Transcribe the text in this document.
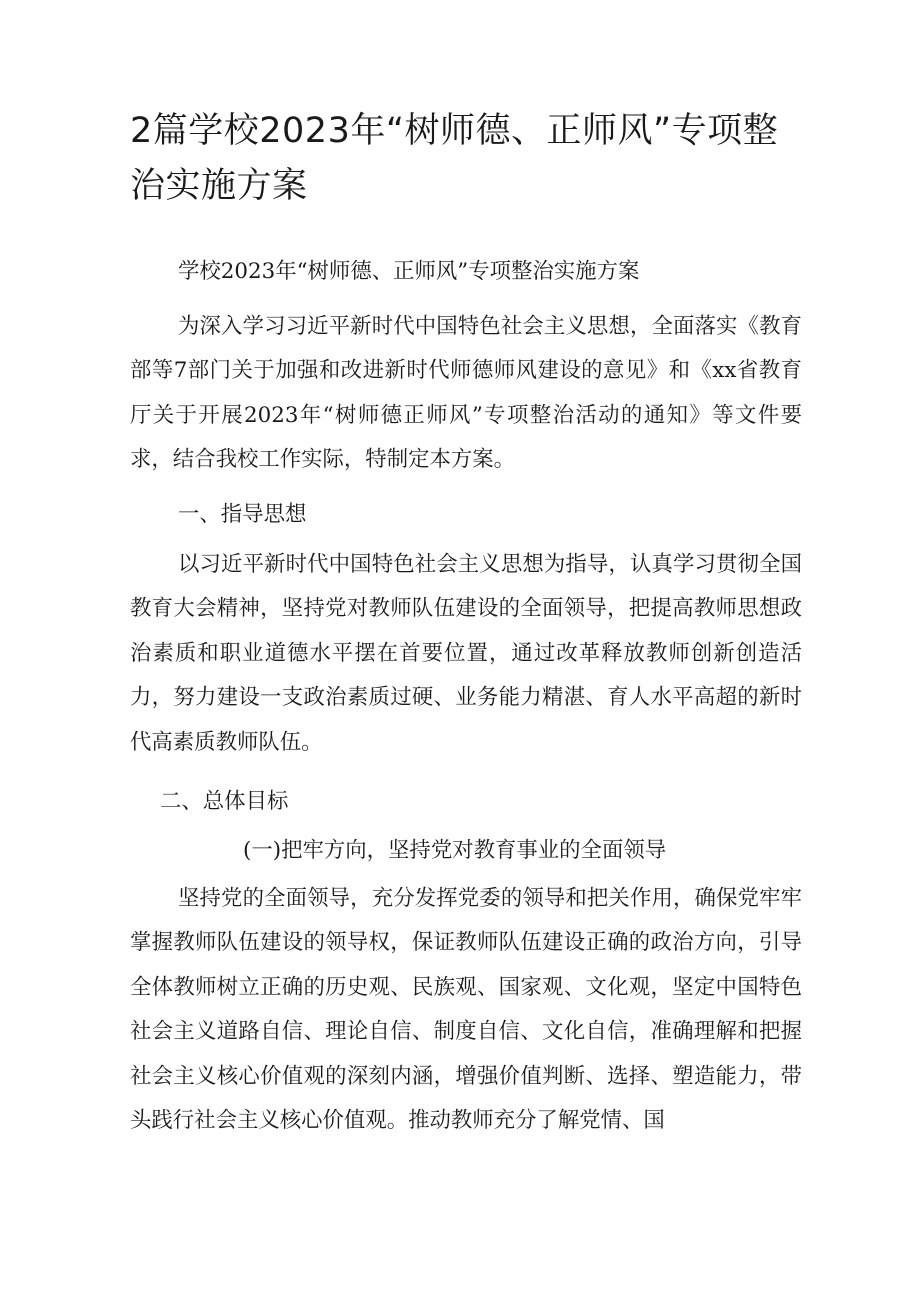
2篇学校2023年“树师德、正师风”专项整治实施方案

学校2023年“树师德、正师风”专项整治实施方案

为深入学习习近平新时代中国特色社会主义思想，全面落实《教育部等7部门关于加强和改进新时代师德师风建设的意见》和《xx省教育厅关于开展2023年“树师德正师风”专项整治活动的通知》等文件要求，结合我校工作实际，特制定本方案。

一、指导思想

以习近平新时代中国特色社会主义思想为指导，认真学习贯彻全国教育大会精神，坚持党对教师队伍建设的全面领导，把提高教师思想政治素质和职业道德水平摆在首要位置，通过改革释放教师创新创造活力，努力建设一支政治素质过硬、业务能力精湛、育人水平高超的新时代高素质教师队伍。

二、总体目标

(一)把牢方向，坚持党对教育事业的全面领导

坚持党的全面领导，充分发挥党委的领导和把关作用，确保党牢牢掌握教师队伍建设的领导权，保证教师队伍建设正确的政治方向，引导全体教师树立正确的历史观、民族观、国家观、文化观，坚定中国特色社会主义道路自信、理论自信、制度自信、文化自信，准确理解和把握社会主义核心价值观的深刻内涵，增强价值判断、选择、塑造能力，带头践行社会主义核心价值观。推动教师充分了解党情、国
